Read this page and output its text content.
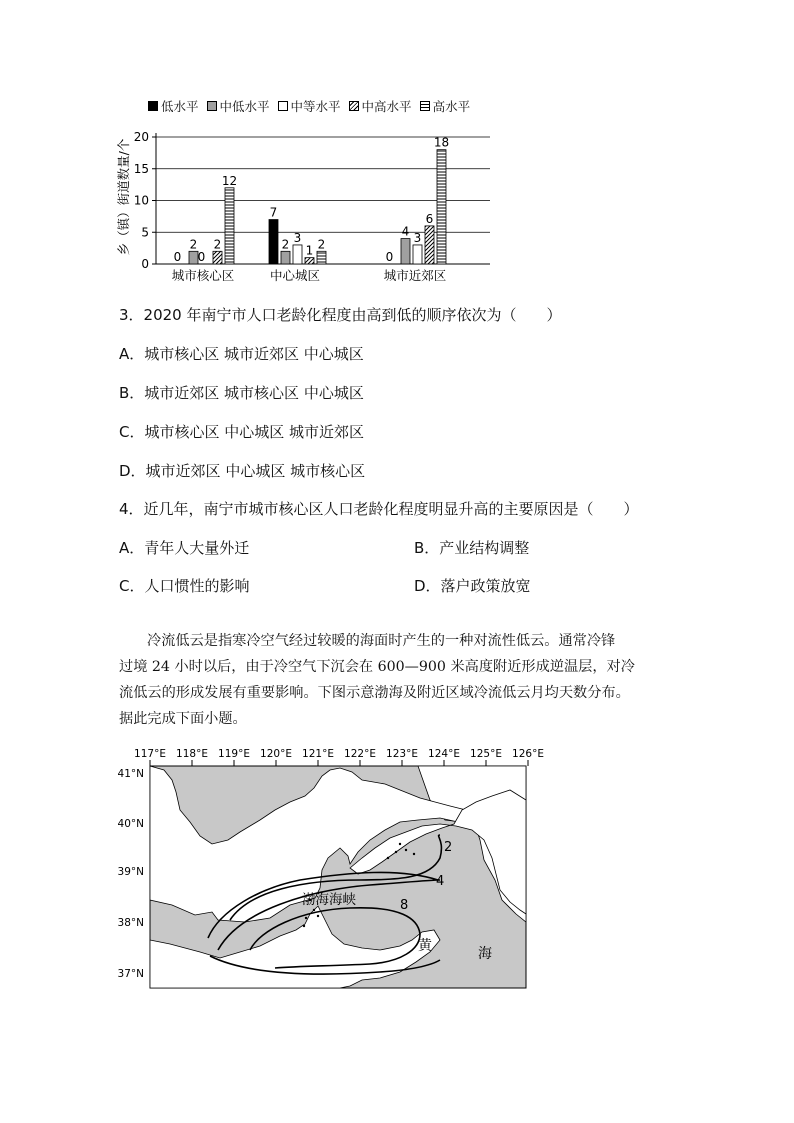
低水平 中低水平 中等水平 中高水平 高水平
0
5
10
15
20
0
2
0
2
12
城市核心区
7
2 3
1 2
中心城区
0
4 3
6
18
城市近郊区
乡（镇）街道数量/个
3．2020 年南宁市人口老龄化程度由高到低的顺序依次为（　　）
A．城市核心区 城市近郊区 中心城区
B．城市近郊区 城市核心区 中心城区
C．城市核心区 中心城区 城市近郊区
D．城市近郊区 中心城区 城市核心区
4．近几年，南宁市城市核心区人口老龄化程度明显升高的主要原因是（　　）
A．青年人大量外迁	B．产业结构调整
C．人口惯性的影响	D．落户政策放宽

冷流低云是指寒冷空气经过较暖的海面时产生的一种对流性低云。通常冷锋

过境 24 小时以后，由于冷空气下沉会在 600—900 米高度附近形成逆温层，对冷
流低云的形成发展有重要影响。下图示意渤海及附近区域冷流低云月均天数分布。
据此完成下面小题。
117°E 118°E 119°E 120°E 121°E 122°E 123°E 124°E 125°E 126°E
41°N
40°N
39°N
38°N
37°N
2
4
8
渤海海峡
黄	海
